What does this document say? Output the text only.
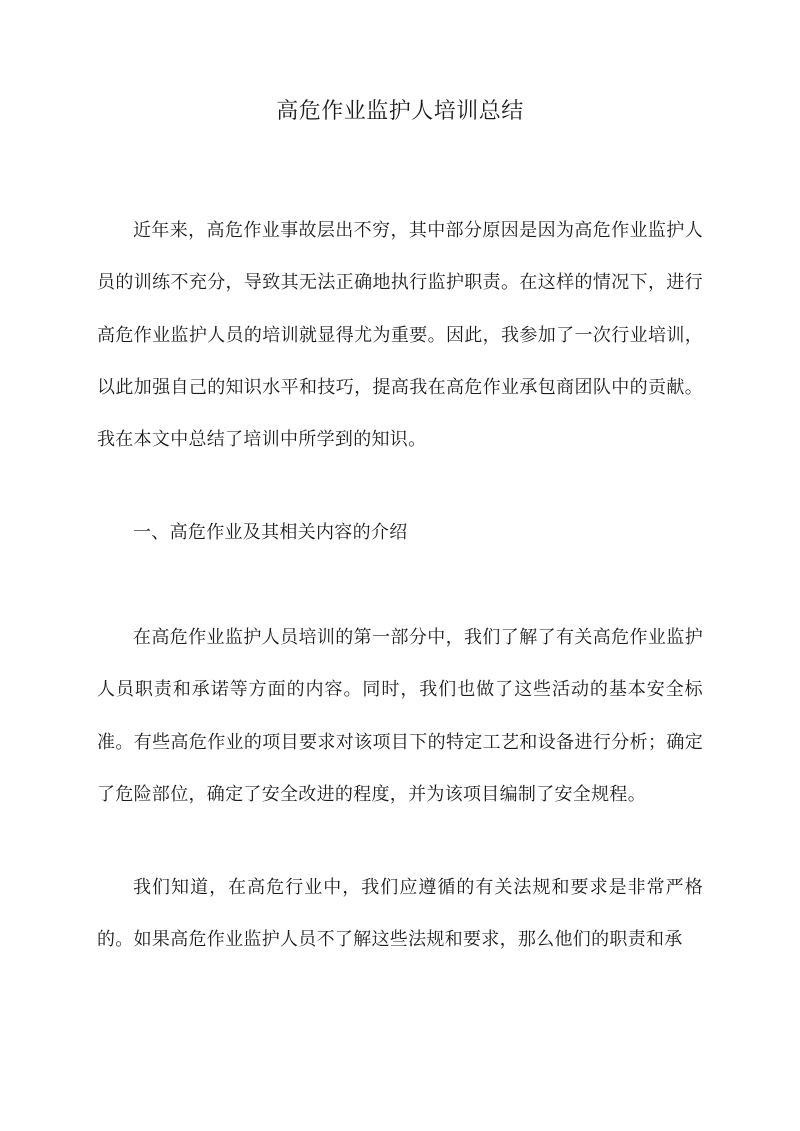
高危作业监护人培训总结

近年来，高危作业事故层出不穷，其中部分原因是因为高危作业监护人员的训练不充分，导致其无法正确地执行监护职责。在这样的情况下，进行高危作业监护人员的培训就显得尤为重要。因此，我参加了一次行业培训，以此加强自己的知识水平和技巧，提高我在高危作业承包商团队中的贡献。我在本文中总结了培训中所学到的知识。

一、高危作业及其相关内容的介绍

在高危作业监护人员培训的第一部分中，我们了解了有关高危作业监护人员职责和承诺等方面的内容。同时，我们也做了这些活动的基本安全标准。有些高危作业的项目要求对该项目下的特定工艺和设备进行分析；确定了危险部位，确定了安全改进的程度，并为该项目编制了安全规程。

我们知道，在高危行业中，我们应遵循的有关法规和要求是非常严格的。如果高危作业监护人员不了解这些法规和要求，那么他们的职责和承
